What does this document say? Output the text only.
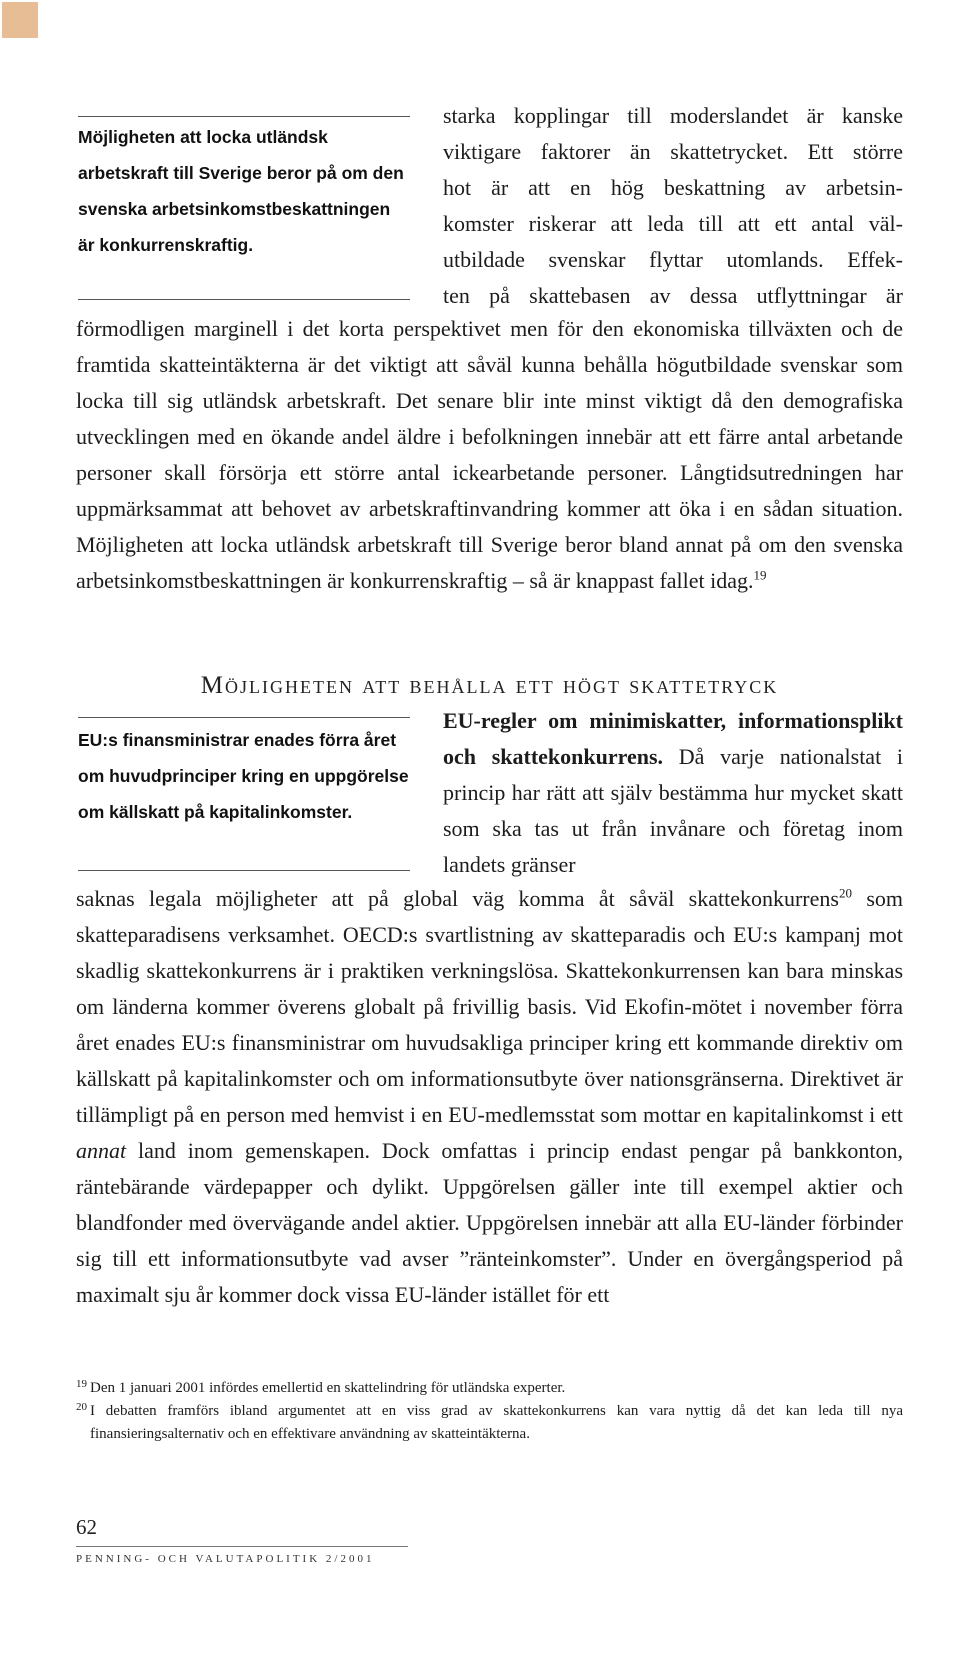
Möjligheten att locka utländsk arbetskraft till Sverige beror på om den svenska arbetsinkomstbeskattningen är konkurrenskraftig.

starka kopplingar till moderslandet är kanske
viktigare faktorer än skattetrycket. Ett större
hot är att en hög beskattning av arbetsin-
komster riskerar att leda till att ett antal väl-
utbildade svenskar flyttar utomlands. Effek-
ten på skattebasen av dessa utflyttningar är
förmodligen marginell i det korta perspektivet men för den ekonomiska tillväxten och de framtida skatteintäkterna är det viktigt att såväl kunna behålla högutbildade svenskar som locka till sig utländsk arbetskraft. Det senare blir inte minst viktigt då den demografiska utvecklingen med en ökande andel äldre i befolkningen innebär att ett färre antal arbetande personer skall försörja ett större antal ickearbetande personer. Långtidsutredningen har uppmärksammat att behovet av arbetskraftinvandring kommer att öka i en sådan situation. Möjligheten att locka utländsk arbetskraft till Sverige beror bland annat på om den svenska arbetsinkomstbeskattningen är konkurrenskraftig – så är knappast fallet idag.$^{19}$
Möjligheten att behålla ett högt skattetryck

EU:s finansministrar enades förra året om huvudprinciper kring en uppgörelse om källskatt på kapitalinkomster.

EU-regler om minimiskatter, informationsplikt och skattekonkurrens. Då varje nationalstat i princip har rätt att själv bestämma hur mycket skatt som ska tas ut från invånare och företag inom landets gränser
saknas legala möjligheter att på global väg komma åt såväl skattekonkurrens$^{20}$ som skatteparadisens verksamhet. OECD:s svartlistning av skatteparadis och EU:s kampanj mot skadlig skattekonkurrens är i praktiken verkningslösa. Skattekonkurrensen kan bara minskas om länderna kommer överens globalt på frivillig basis. Vid Ekofin-mötet i november förra året enades EU:s finansministrar om huvudsakliga principer kring ett kommande direktiv om källskatt på kapitalinkomster och om informationsutbyte över nationsgränserna. Direktivet är tillämpligt på en person med hemvist i en EU-medlemsstat som mottar en kapitalinkomst i ett annat land inom gemenskapen. Dock omfattas i princip endast pengar på bankkonton, räntebärande värdepapper och dylikt. Uppgörelsen gäller inte till exempel aktier och blandfonder med övervägande andel aktier. Uppgörelsen innebär att alla EU-länder förbinder sig till ett informationsutbyte vad avser ”ränteinkomster”. Under en övergångsperiod på maximalt sju år kommer dock vissa EU-länder istället för ett
19 Den 1 januari 2001 infördes emellertid en skattelindring för utländska experter.
20 I debatten framförs ibland argumentet att en viss grad av skattekonkurrens kan vara nyttig då det kan leda till nya finansieringsalternativ och en effektivare användning av skatteintäkterna.
62
PENNING- OCH VALUTAPOLITIK 2/2001
